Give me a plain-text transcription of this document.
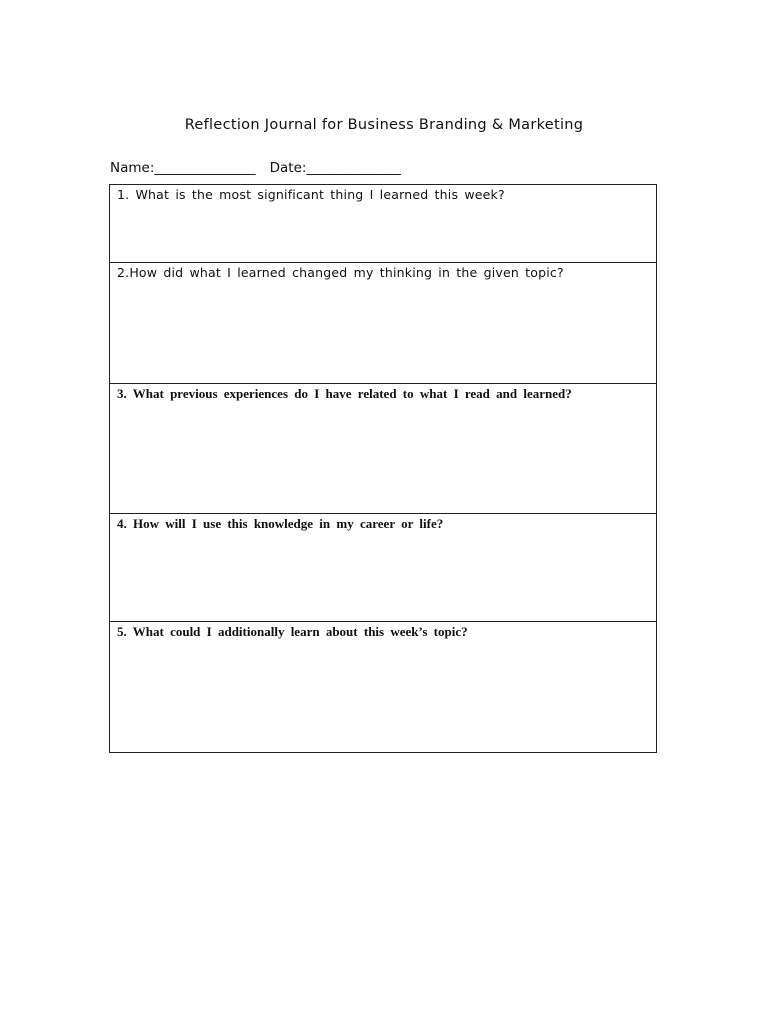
Reflection Journal for Business Branding & Marketing
Name:_______________ Date:______________
1. What is the most significant thing I learned this week?
2.How did what I learned changed my thinking in the given topic?
3. What previous experiences do I have related to what I read and learned?
4. How will I use this knowledge in my career or life?
5. What could I additionally learn about this week’s topic?
